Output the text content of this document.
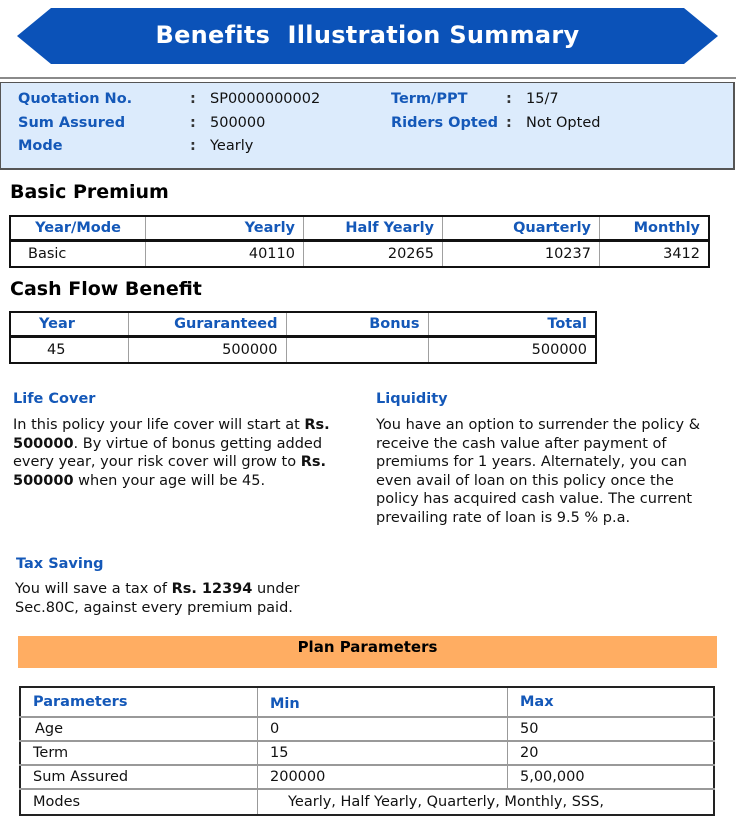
Benefits  Illustration Summary
Quotation No.	: SP0000000002	Term/PPT	: 15/7
Sum Assured	: 500000	Riders Opted : Not Opted
Mode	: Yearly
Basic Premium
Year/Mode	Yearly	Half Yearly	Quarterly	Monthly
Basic	40110	20265	10237	3412
Cash Flow Benefit
Year	Guraranteed	Bonus	Total
45	500000		500000
Life Cover
In this policy your life cover will start at Rs. 500000. By virtue of bonus getting added every year, your risk cover will grow to Rs. 500000 when your age will be 45.
Liquidity
You have an option to surrender the policy & receive the cash value after payment of premiums for 1 years. Alternately, you can even avail of loan on this policy once the policy has acquired cash value. The current prevailing rate of loan is 9.5 % p.a.
Tax Saving
You will save a tax of Rs. 12394 under Sec.80C, against every premium paid.
Plan Parameters
Parameters	Min	Max
Age	0	50
Term	15	20
Sum Assured	200000	5,00,000
Modes	Yearly, Half Yearly, Quarterly, Monthly, SSS,	
